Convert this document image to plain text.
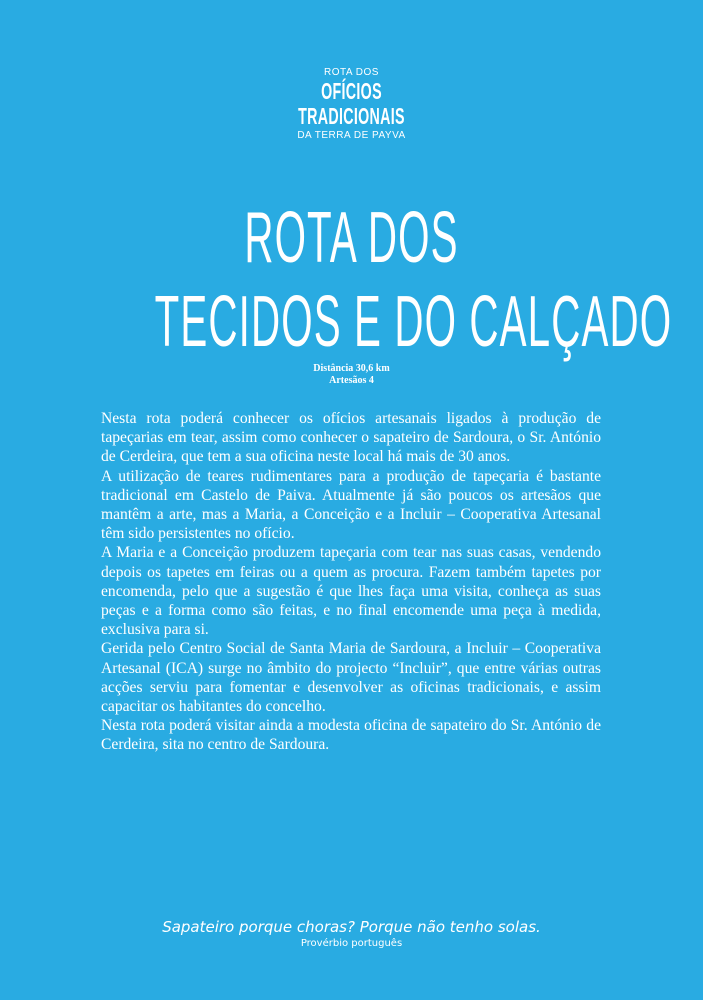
ROTA DOS
OFÍCIOS
TRADICIONAIS
DA TERRA DE PAYVA
ROTA DOS
TECIDOS E DO CALÇADO
Distância 30,6 km
Artesãos 4

Nesta rota poderá conhecer os ofícios artesanais ligados à produção de tapeçarias em tear, assim como conhecer o sapateiro de Sardoura, o Sr. António de Cerdeira, que tem a sua oficina neste local há mais de 30 anos.

A utilização de teares rudimentares para a produção de tapeçaria é bastante tradicional em Castelo de Paiva. Atualmente já são poucos os artesãos que mantêm a arte, mas a Maria, a Conceição e a Incluir – Cooperativa Artesanal têm sido persistentes no ofício.

A Maria e a Conceição produzem tapeçaria com tear nas suas casas, vendendo depois os tapetes em feiras ou a quem as procura. Fazem também tapetes por encomenda, pelo que a sugestão é que lhes faça uma visita, conheça as suas peças e a forma como são feitas, e no final encomende uma peça à medida, exclusiva para si.

Gerida pelo Centro Social de Santa Maria de Sardoura, a Incluir – Cooperativa Artesanal (ICA) surge no âmbito do projecto “Incluir”, que entre várias outras acções serviu para fomentar e desenvolver as oficinas tradicionais, e assim capacitar os habitantes do concelho.

Nesta rota poderá visitar ainda a modesta oficina de sapateiro do Sr. António de Cerdeira, sita no centro de Sardoura.

Sapateiro porque choras? Porque não tenho solas.
Provérbio português
